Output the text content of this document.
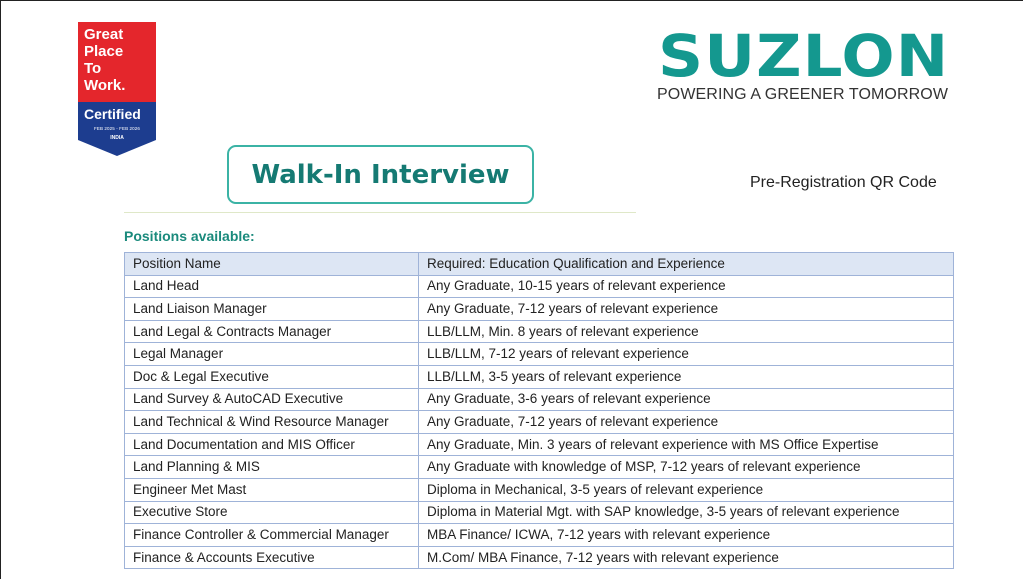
Great
Place
To
Work.
Certified
FEB 2025 - FEB 2026
INDIA
SUZLON
POWERING A GREENER TOMORROW
Walk-In Interview	Pre-Registration QR Code
Positions available:
Position Name	Required: Education Qualification and Experience
Land Head	Any Graduate, 10-15 years of relevant experience
Land Liaison Manager	Any Graduate, 7-12 years of relevant experience
Land Legal & Contracts Manager	LLB/LLM, Min. 8 years of relevant experience
Legal Manager	LLB/LLM, 7-12 years of relevant experience
Doc & Legal Executive	LLB/LLM, 3-5 years of relevant experience
Land Survey & AutoCAD Executive	Any Graduate, 3-6 years of relevant experience
Land Technical & Wind Resource Manager	Any Graduate, 7-12 years of relevant experience
Land Documentation and MIS Officer	Any Graduate, Min. 3 years of relevant experience with MS Office Expertise
Land Planning & MIS	Any Graduate with knowledge of MSP, 7-12 years of relevant experience
Engineer Met Mast	Diploma in Mechanical, 3-5 years of relevant experience
Executive Store	Diploma in Material Mgt. with SAP knowledge, 3-5 years of relevant experience
Finance Controller & Commercial Manager	MBA Finance/ ICWA, 7-12 years with relevant experience
Finance & Accounts Executive	M.Com/ MBA Finance, 7-12 years with relevant experience
